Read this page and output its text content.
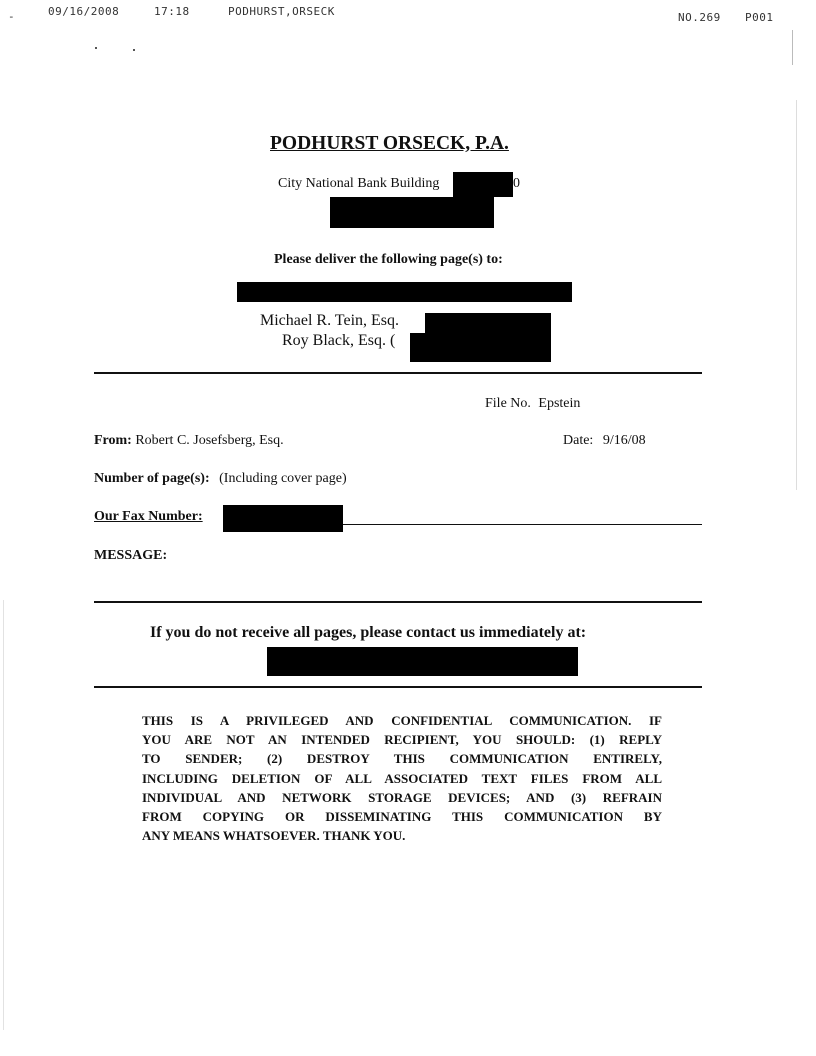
-	09/16/2008	17:18	PODHURST,ORSECK	NO.269 P001
PODHURST ORSECK, P.A.
City National Bank Building	0
Please deliver the following page(s) to:
Michael R. Tein, Esq.
Roy Black, Esq. (
File No. Epstein
From: Robert C. Josefsberg, Esq.	Date: 9/16/08
Number of page(s): (Including cover page)
Our Fax Number:
MESSAGE:
If you do not receive all pages, please contact us immediately at:
THIS IS A PRIVILEGED AND CONFIDENTIAL COMMUNICATION. IF
YOU ARE NOT AN INTENDED RECIPIENT, YOU SHOULD: (1) REPLY
TO SENDER; (2) DESTROY THIS COMMUNICATION ENTIRELY,
INCLUDING DELETION OF ALL ASSOCIATED TEXT FILES FROM ALL
INDIVIDUAL AND NETWORK STORAGE DEVICES; AND (3) REFRAIN
FROM COPYING OR DISSEMINATING THIS COMMUNICATION BY
ANY MEANS WHATSOEVER. THANK YOU.
